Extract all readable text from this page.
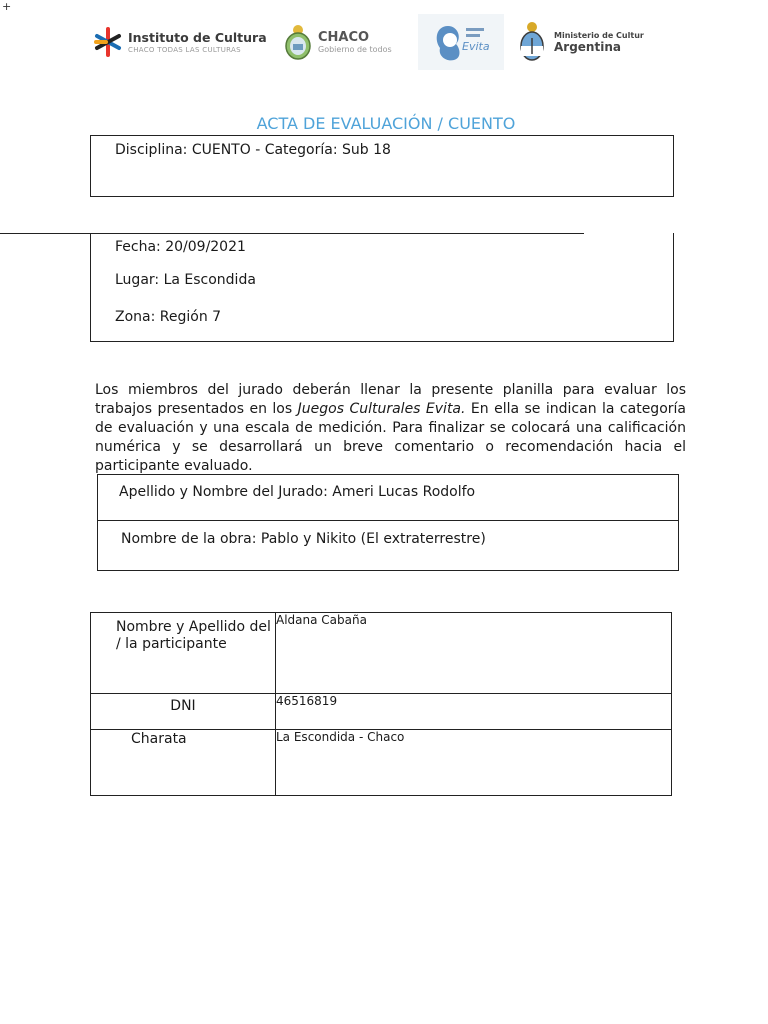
+
Instituto de Cultura
CHACO TODAS LAS CULTURAS
CHACO
Gobierno de todos	Evita
Ministerio de Cultur
Argentina
ACTA DE EVALUACIÓN / CUENTO
Disciplina: CUENTO - Categoría: Sub 18
Fecha: 20/09/2021
Lugar: La Escondida
Zona: Región 7
Los miembros del jurado deberán llenar la presente planilla para evaluar los trabajos presentados en los Juegos Culturales Evita. En ella se indican la categoría de evaluación y una escala de medición. Para finalizar se colocará una calificación numérica y se desarrollará un breve comentario o recomendación hacia el participante evaluado.
Apellido y Nombre del Jurado: Ameri Lucas Rodolfo
Nombre de la obra: Pablo y Nikito (El extraterrestre)
Nombre y Apellido del / la participante	Aldana Cabaña
DNI	46516819
Charata	La Escondida - Chaco
